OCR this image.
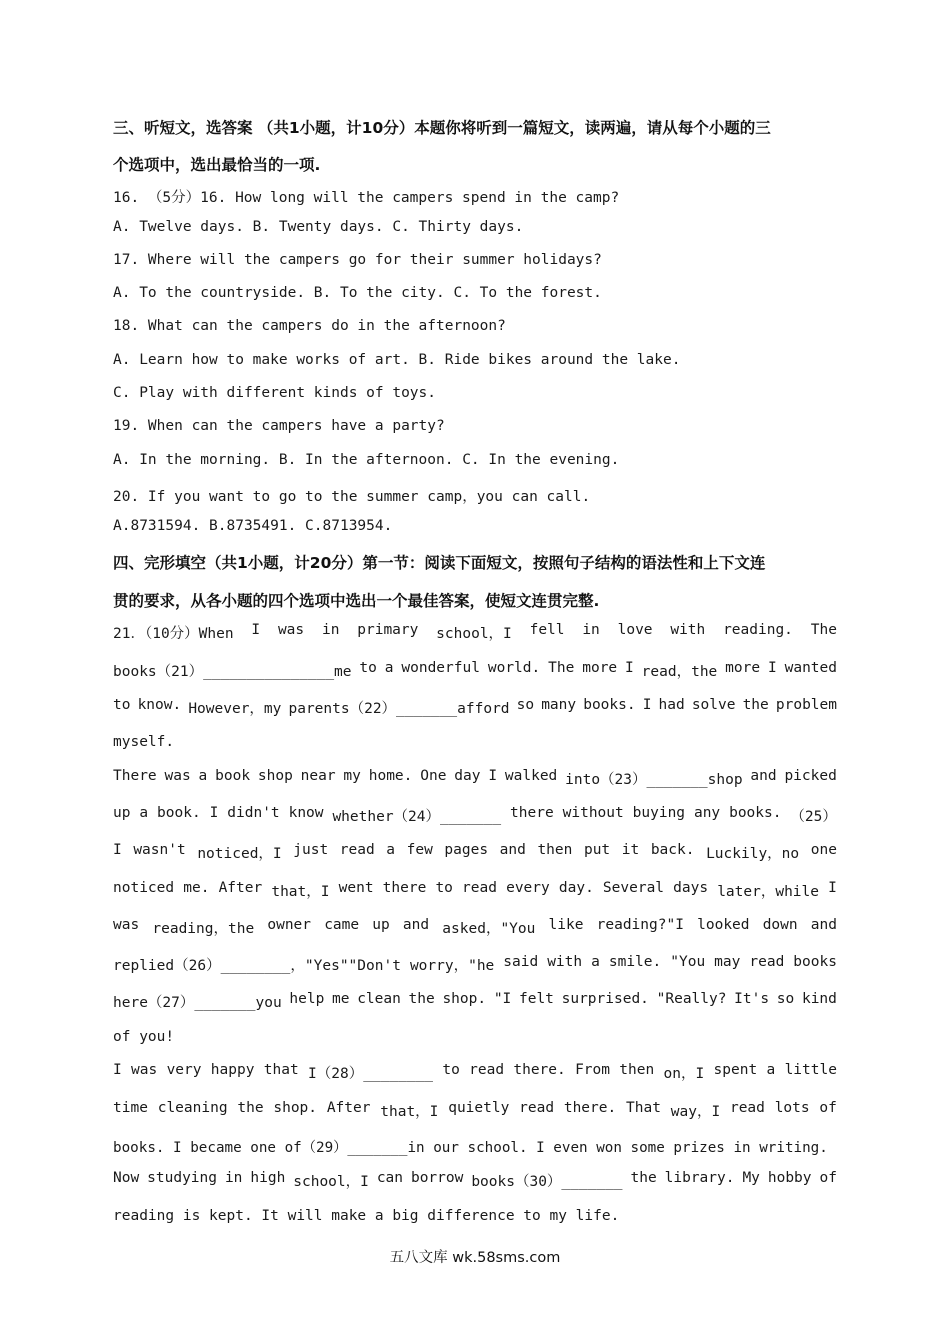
三、听短文，选答案 （共1小题，计10分）本题你将听到一篇短文，读两遍，请从每个小题的三
个选项中，选出最恰当的一项.
16. （5分）16. How long will the campers spend in the camp?
A. Twelve days. B. Twenty days. C. Thirty days.
17. Where will the campers go for their summer holidays?
A. To the countryside. B. To the city. C. To the forest.
18. What can the campers do in the afternoon?
A. Learn how to make works of art. B. Ride bikes around the lake.
C. Play with different kinds of toys.
19. When can the campers have a party?
A. In the morning. B. In the afternoon. C. In the evening.
20. If you want to go to the summer camp，you can call.
A.8731594. B.8735491. C.8713954.
四、完形填空（共1小题，计20分）第一节：阅读下面短文，按照句子结构的语法性和上下文连
贯的要求，从各小题的四个选项中选出一个最佳答案，使短文连贯完整.
21．（10分）When I was in primary school，I fell in love with reading. The
books（21）_______________me to a wonderful world. The more I read，the more I wanted
to know. However，my parents（22）_______afford so many books. I had solve the problem
myself.
There was a book shop near my home. One day I walked into（23）_______shop and picked
up a book. I didn't know whether（24）_______ there without buying any books. （25）
I wasn't noticed，I just read a few pages and then put it back. Luckily，no one
noticed me. After that，I went there to read every day. Several days later，while I
was reading，the owner came up and asked，"You like reading?"I looked down and
replied（26）________，"Yes""Don't worry，"he said with a smile. "You may read books
here（27）_______you help me clean the shop. "I felt surprised. "Really? It's so kind
of you!
I was very happy that I（28）________ to read there. From then on，I spent a little
time cleaning the shop. After that，I quietly read there. That way，I read lots of
books. I became one of（29）_______in our school. I even won some prizes in writing.
Now studying in high school，I can borrow books（30）_______ the library. My hobby of
reading is kept. It will make a big difference to my life.
五八文库 wk.58sms.com
